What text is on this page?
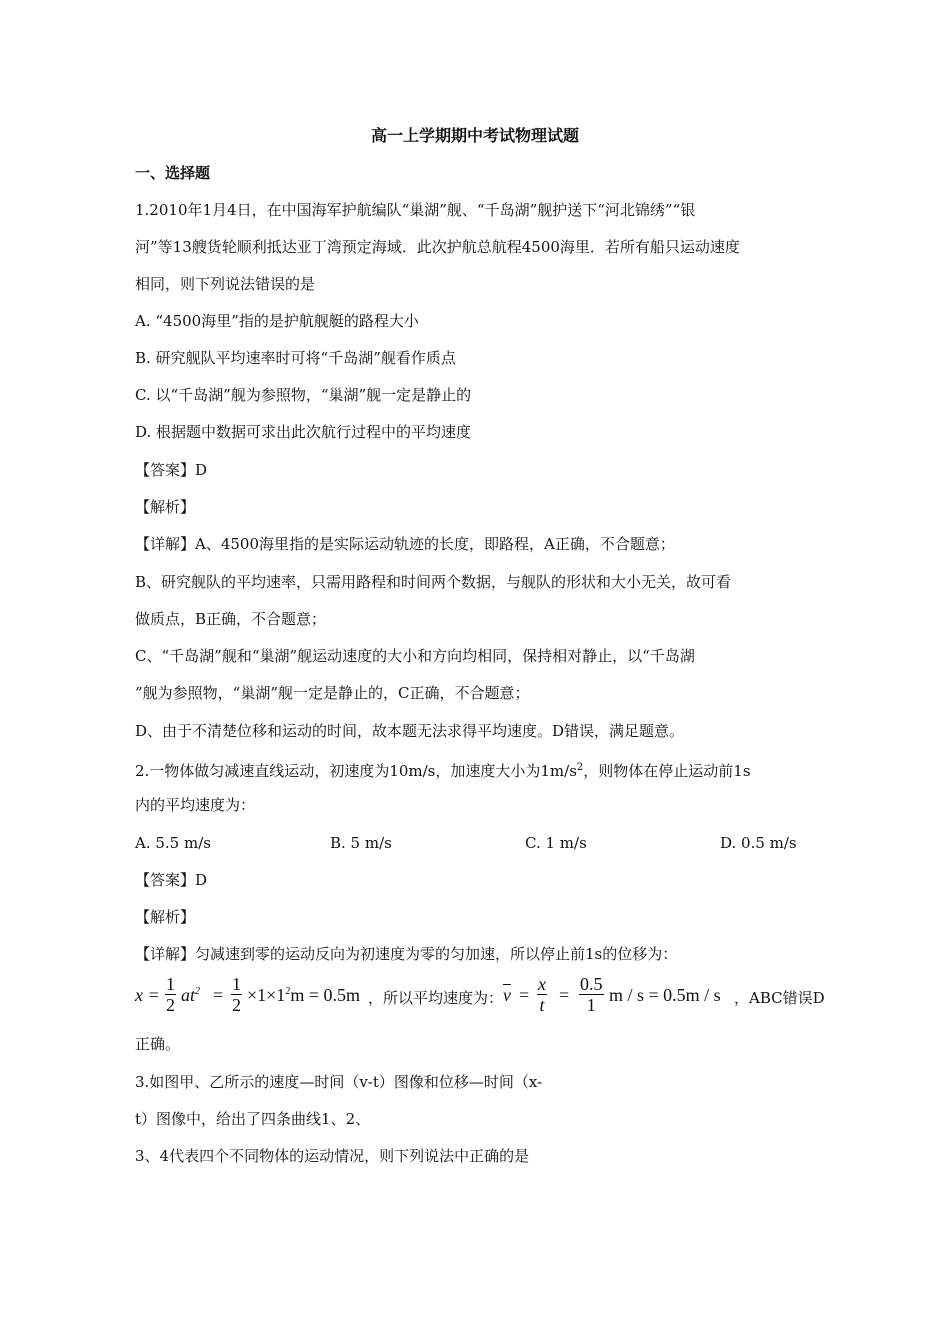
高一上学期期中考试物理试题
一、选择题
1.2010年1月4日，在中国海军护航编队“巢湖”舰、“千岛湖”舰护送下“河北锦绣”“银
河”等13艘货轮顺利抵达亚丁湾预定海域．此次护航总航程4500海里．若所有船只运动速度
相同，则下列说法错误的是
A. “4500海里”指的是护航舰艇的路程大小
B. 研究舰队平均速率时可将“千岛湖”舰看作质点
C. 以“千岛湖”舰为参照物，“巢湖”舰一定是静止的
D. 根据题中数据可求出此次航行过程中的平均速度
【答案】D
【解析】
【详解】A、4500海里指的是实际运动轨迹的长度，即路程，A正确，不合题意；
B、研究舰队的平均速率，只需用路程和时间两个数据，与舰队的形状和大小无关，故可看
做质点，B正确，不合题意；
C、“千岛湖”舰和“巢湖”舰运动速度的大小和方向均相同，保持相对静止，以“千岛湖
”舰为参照物，“巢湖”舰一定是静止的，C正确，不合题意；
D、由于不清楚位移和运动的时间，故本题无法求得平均速度。D错误，满足题意。
2.一物体做匀减速直线运动，初速度为10m/s，加速度大小为$1m/s^2$，则物体在停止运动前1s
内的平均速度为：
A. 5.5 m/s	B. 5 m/s	C. 1 m/s	D. 0.5 m/s
【答案】D
【解析】
【详解】匀减速到零的运动反向为初速度为零的匀加速，所以停止前1s的位移为：
$x = \frac{1}{2} at^2 = \frac{1}{2} \times 1\times 1^2m = 0.5m$ ，所以平均速度为： $\overline{v} = \frac{x}{t} = \frac{0.5}{1}$ m / s = 0.5m / s ，ABC错误D
正确。
3.如图甲、乙所示的速度—时间（v-t）图像和位移—时间（x-
t）图像中，给出了四条曲线1、2、
3、4代表四个不同物体的运动情况，则下列说法中正确的是
